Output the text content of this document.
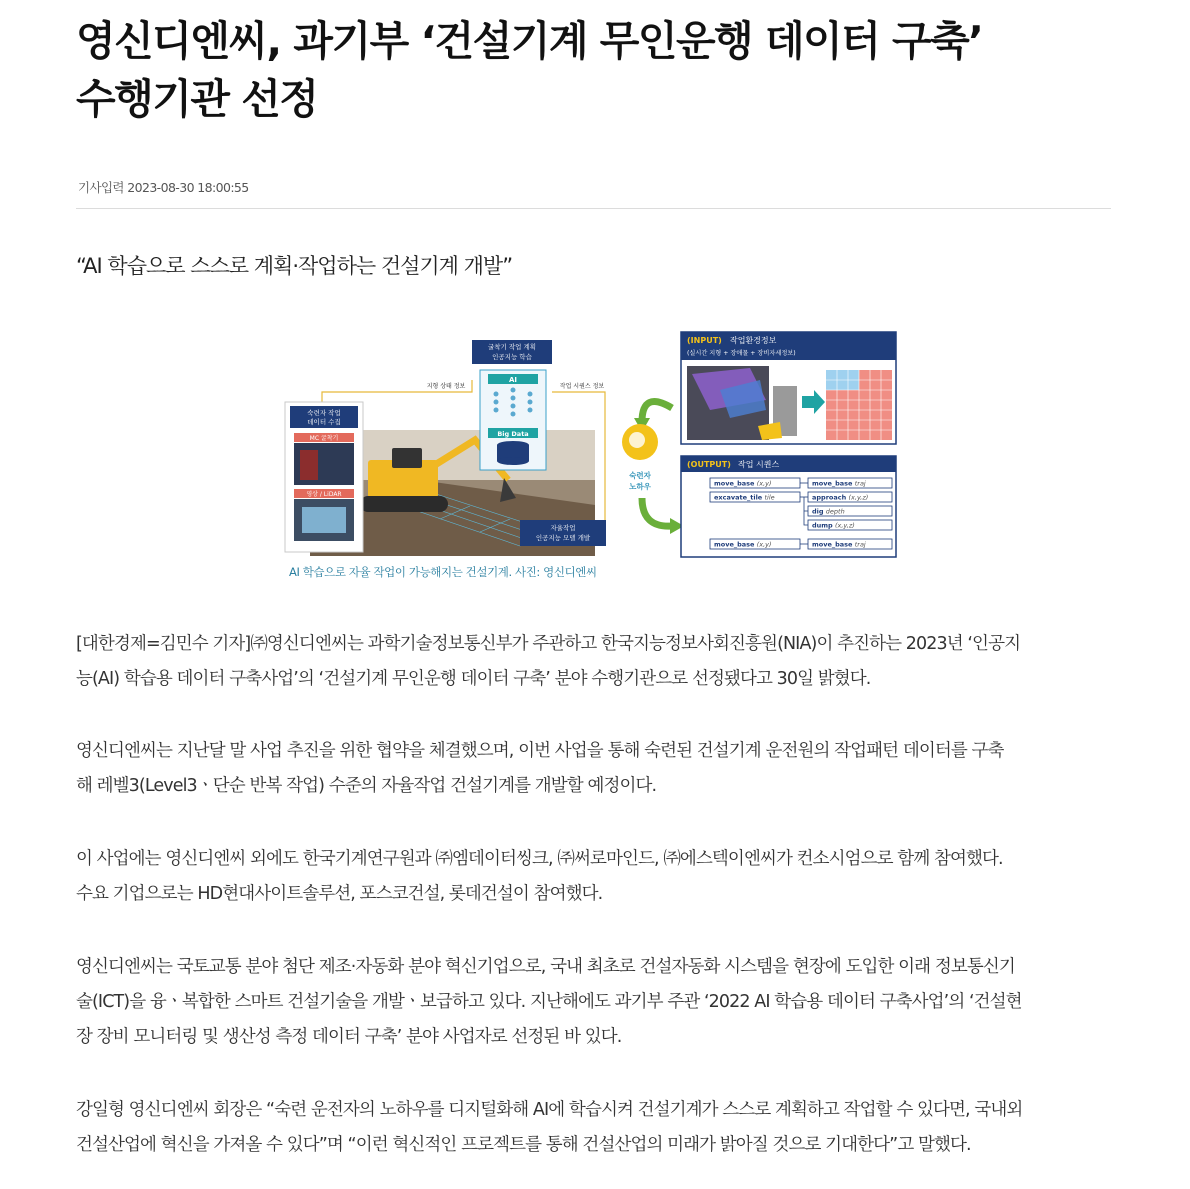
영신디엔씨, 과기부 ‘건설기계 무인운행 데이터 구축’
수행기관 선정
기사입력 2023-08-30 18:00:55
“AI 학습으로 스스로 계획·작업하는 건설기계 개발”
숙련자 작업
데이터 수집
MC 굴착기
영상 / LiDAR
굴착기 작업 계획
인공지능 학습
AI
Big Data
지형 상태 정보	작업 시퀀스 정보
자율작업
인공지능 모델 개발
숙련자
노하우
(INPUT) 작업환경정보
(실시간 지형 + 장애물 + 장비자세정보)
(OUTPUT) 작업 시퀀스
move_base (x,y)	move_base traj
excavate_tile tile	approach (x,y,z)
dig depth
dump (x,y,z)
move_base (x,y)	move_base traj
AI 학습으로 자율 작업이 가능해지는 건설기계. 사진: 영신디엔씨

[대한경제=김민수 기자]㈜영신디엔씨는 과학기술정보통신부가 주관하고 한국지능정보사회진흥원(NIA)이 추진하는 2023년 ‘인공지
능(AI) 학습용 데이터 구축사업’의 ‘건설기계 무인운행 데이터 구축’ 분야 수행기관으로 선정됐다고 30일 밝혔다.

영신디엔씨는 지난달 말 사업 추진을 위한 협약을 체결했으며, 이번 사업을 통해 숙련된 건설기계 운전원의 작업패턴 데이터를 구축
해 레벨3(Level3ㆍ단순 반복 작업) 수준의 자율작업 건설기계를 개발할 예정이다.

이 사업에는 영신디엔씨 외에도 한국기계연구원과 ㈜엠데이터씽크, ㈜써로마인드, ㈜에스텍이엔씨가 컨소시엄으로 함께 참여했다.
수요 기업으로는 HD현대사이트솔루션, 포스코건설, 롯데건설이 참여했다.

영신디엔씨는 국토교통 분야 첨단 제조·자동화 분야 혁신기업으로, 국내 최초로 건설자동화 시스템을 현장에 도입한 이래 정보통신기
술(ICT)을 융ㆍ복합한 스마트 건설기술을 개발ㆍ보급하고 있다. 지난해에도 과기부 주관 ‘2022 AI 학습용 데이터 구축사업’의 ‘건설현
장 장비 모니터링 및 생산성 측정 데이터 구축’ 분야 사업자로 선정된 바 있다.

강일형 영신디엔씨 회장은 “숙련 운전자의 노하우를 디지털화해 AI에 학습시켜 건설기계가 스스로 계획하고 작업할 수 있다면, 국내외
건설산업에 혁신을 가져올 수 있다”며 “이런 혁신적인 프로젝트를 통해 건설산업의 미래가 밝아질 것으로 기대한다”고 말했다.
